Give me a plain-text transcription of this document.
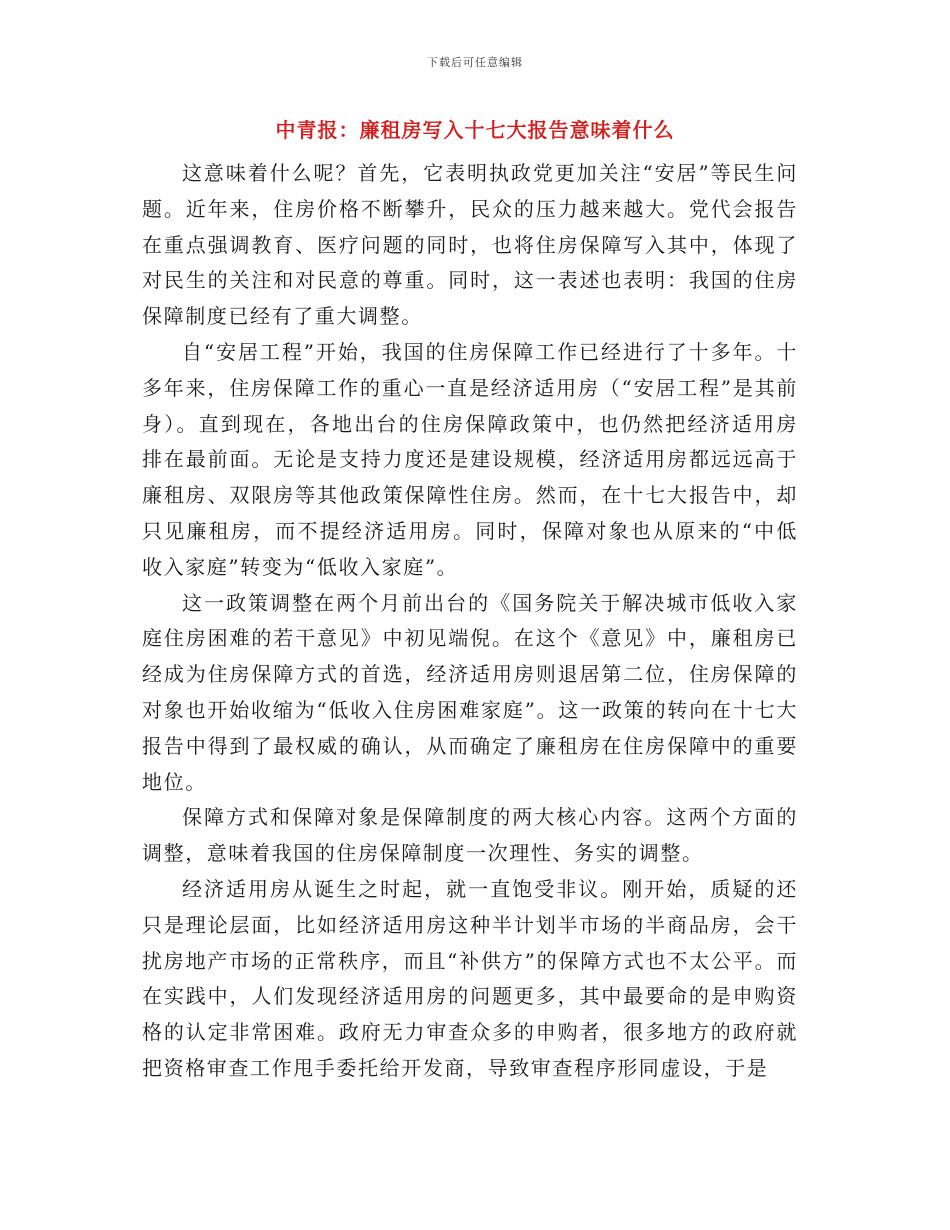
下载后可任意编辑
中青报：廉租房写入十七大报告意味着什么

这意味着什么呢？首先，它表明执政党更加关注“安居”等民生问题。近年来，住房价格不断攀升，民众的压力越来越大。党代会报告在重点强调教育、医疗问题的同时，也将住房保障写入其中，体现了对民生的关注和对民意的尊重。同时，这一表述也表明：我国的住房保障制度已经有了重大调整。

自“安居工程”开始，我国的住房保障工作已经进行了十多年。十多年来，住房保障工作的重心一直是经济适用房（“安居工程”是其前身）。直到现在，各地出台的住房保障政策中，也仍然把经济适用房排在最前面。无论是支持力度还是建设规模，经济适用房都远远高于廉租房、双限房等其他政策保障性住房。然而，在十七大报告中，却只见廉租房，而不提经济适用房。同时，保障对象也从原来的“中低收入家庭”转变为“低收入家庭”。

这一政策调整在两个月前出台的《国务院关于解决城市低收入家庭住房困难的若干意见》中初见端倪。在这个《意见》中，廉租房已经成为住房保障方式的首选，经济适用房则退居第二位，住房保障的对象也开始收缩为“低收入住房困难家庭”。这一政策的转向在十七大报告中得到了最权威的确认，从而确定了廉租房在住房保障中的重要地位。

保障方式和保障对象是保障制度的两大核心内容。这两个方面的调整，意味着我国的住房保障制度一次理性、务实的调整。

经济适用房从诞生之时起，就一直饱受非议。刚开始，质疑的还只是理论层面，比如经济适用房这种半计划半市场的半商品房，会干扰房地产市场的正常秩序，而且“补供方”的保障方式也不太公平。而在实践中，人们发现经济适用房的问题更多，其中最要命的是申购资格的认定非常困难。政府无力审查众多的申购者，很多地方的政府就把资格审查工作甩手委托给开发商，导致审查程序形同虚设，于是
